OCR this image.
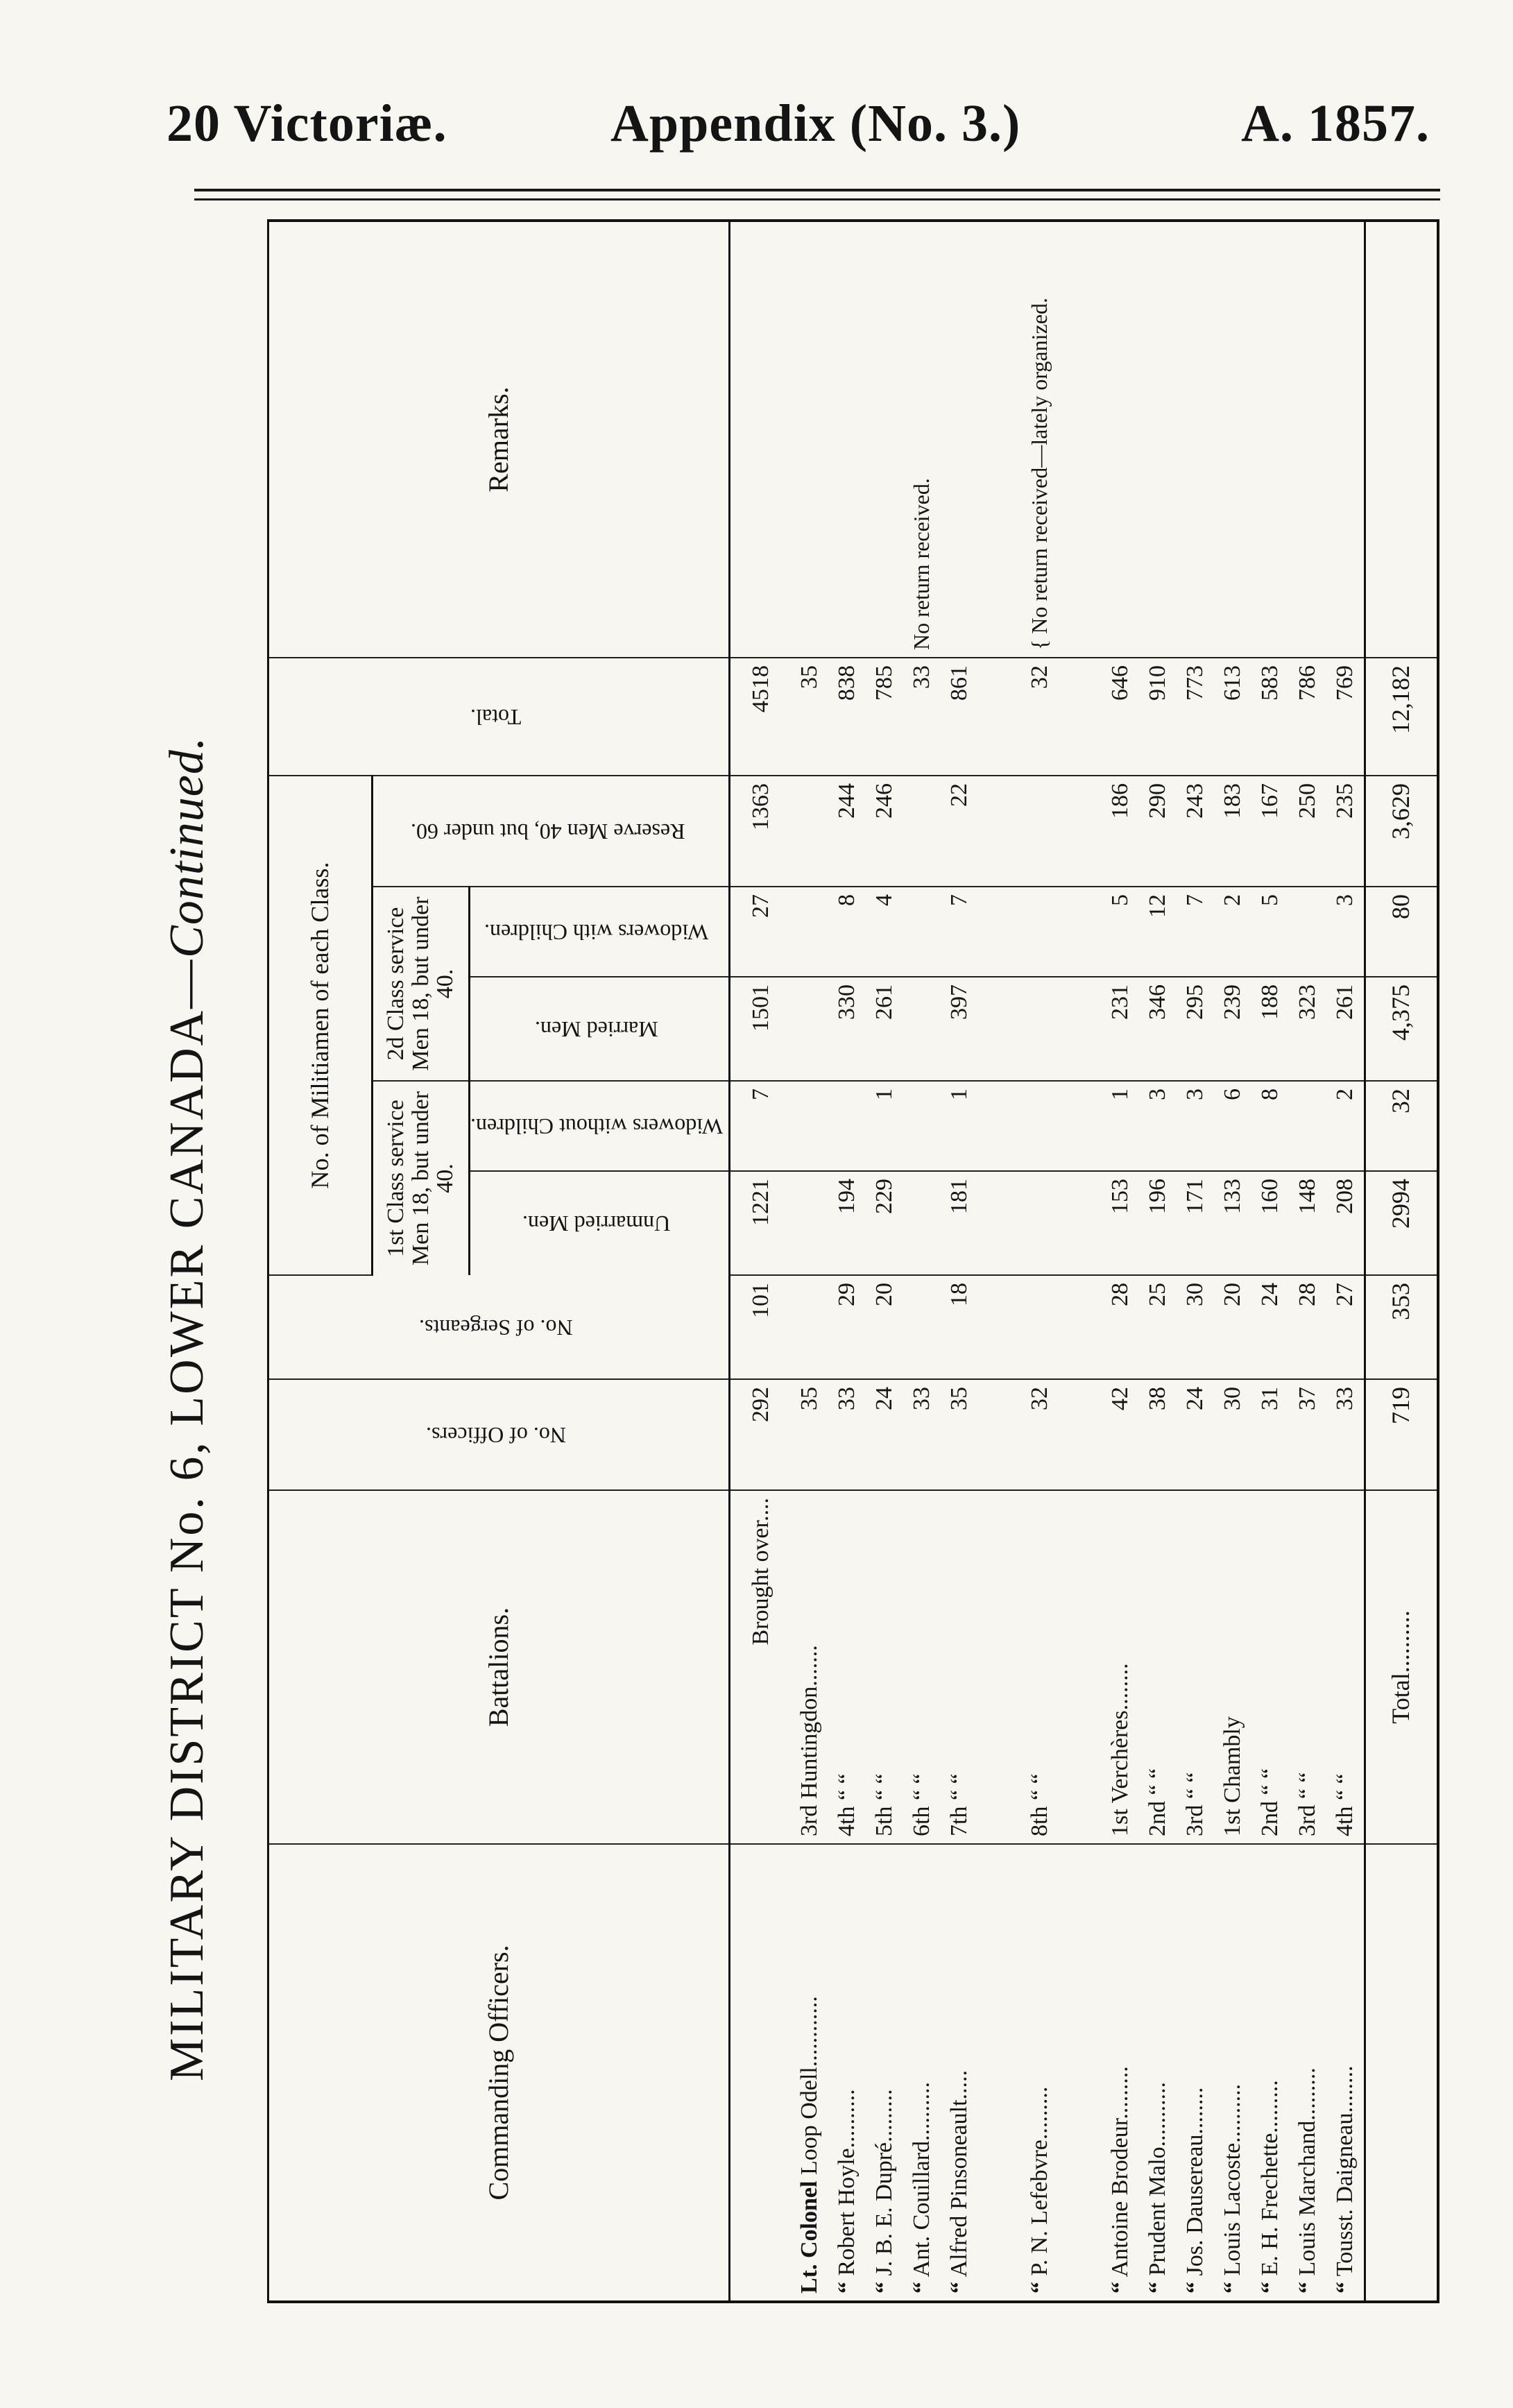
20 Victoriæ.	Appendix (No. 3.)	A. 1857.
MILITARY DISTRICT No. 6, LOWER CANADA—Continued.
Commanding Officers.	Battalions.	No. of Officers.	No. of Sergeants.	No. of Militiamen of each Class.					Total.	Remarks.
				1st Class service Men 18, but under 40.		2d Class service Men 18, but under 40.		Reserve Men 40, but under 60.		
				Unmarried Men.	Widowers without Children.	Married Men.	Widowers with Children.			
	Brought over....	292	101	1221	7	1501	27	1363	4518	
Lt. Colonel Loop Odell............	3rd Huntingdon.......	35							35	
“ Robert Hoyle..........	4th “ “	33	29	194		330	8	244	838	
“ J. B. E. Dupré.........	5th “ “	24	20	229	1	261	4	246	785	
“ Ant. Couillard..........	6th “ “	33							33	No return received.
“ Alfred Pinsoneault.....	7th “ “	35	18	181	1	397	7	22	861	

“ P. N. Lefebvre.........	8th “ “	32							32	{ No return received—lately organized.

“ Antoine Brodeur.........	1st Verchères........	42	28	153	1	231	5	186	646	
“ Prudent Malo...........	2nd “ “	38	25	196	3	346	12	290	910	
“ Jos. Dausereau........	3rd “ “	24	30	171	3	295	7	243	773	
“ Louis Lacoste..........	1st Chambly	30	20	133	6	239	2	183	613	
“ E. H. Frechette.........	2nd “ “	31	24	160	8	188	5	167	583	
“ Louis Marchand.........	3rd “ “	37	28	148		323		250	786	
“ Tousst. Daigneau........	4th “ “	33	27	208	2	261	3	235	769	
	Total..........	719	353	2994	32	4,375	80	3,629	12,182	
